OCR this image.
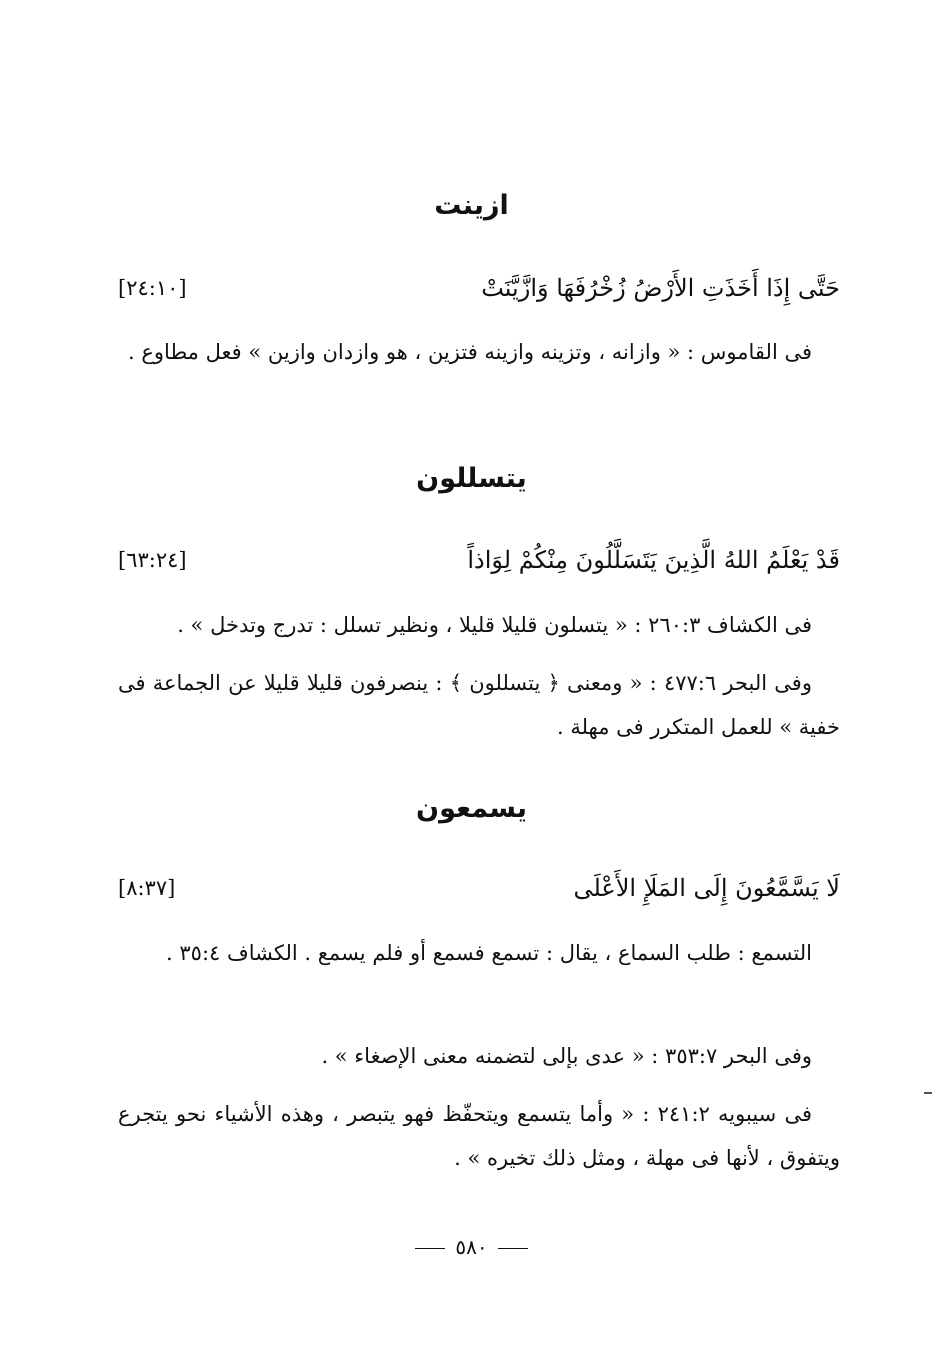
ازينت
حَتَّى إِذَا أَخَذَتِ الأَرْضُ زُخْرُفَهَا وَازَّيَّنَتْ
[٢٤:١٠]
فى القاموس : « وازانه ، وتزينه وازينه فتزين ، هو وازدان وازين » فعل مطاوع .
يتسللون
قَدْ يَعْلَمُ اللهُ الَّذِينَ يَتَسَلَّلُونَ مِنْكُمْ لِوَاذاً
[٦٣:٢٤]
فى الكشاف ٢٦٠:٣ : « يتسلون قليلا قليلا ، ونظير تسلل : تدرج وتدخل » .
وفى البحر ٤٧٧:٦ : « ومعنى ﴿ يتسللون ﴾ : ينصرفون قليلا قليلا عن الجماعة فى خفية » للعمل المتكرر فى مهلة .
يسمعون
لَا يَسَّمَّعُونَ إِلَى المَلَإِ الأَعْلَى
[٨:٣٧]
التسمع : طلب السماع ، يقال : تسمع فسمع أو فلم يسمع . الكشاف ٣٥:٤ .
وفى البحر ٣٥٣:٧ : « عدى بإلى لتضمنه معنى الإصغاء » .
فى سيبويه ٢٤١:٢ : « وأما يتسمع ويتحفّظ فهو يتبصر ، وهذه الأشياء نحو يتجرع ويتفوق ، لأنها فى مهلة ، ومثل ذلك تخيره » .
٥٨٠
